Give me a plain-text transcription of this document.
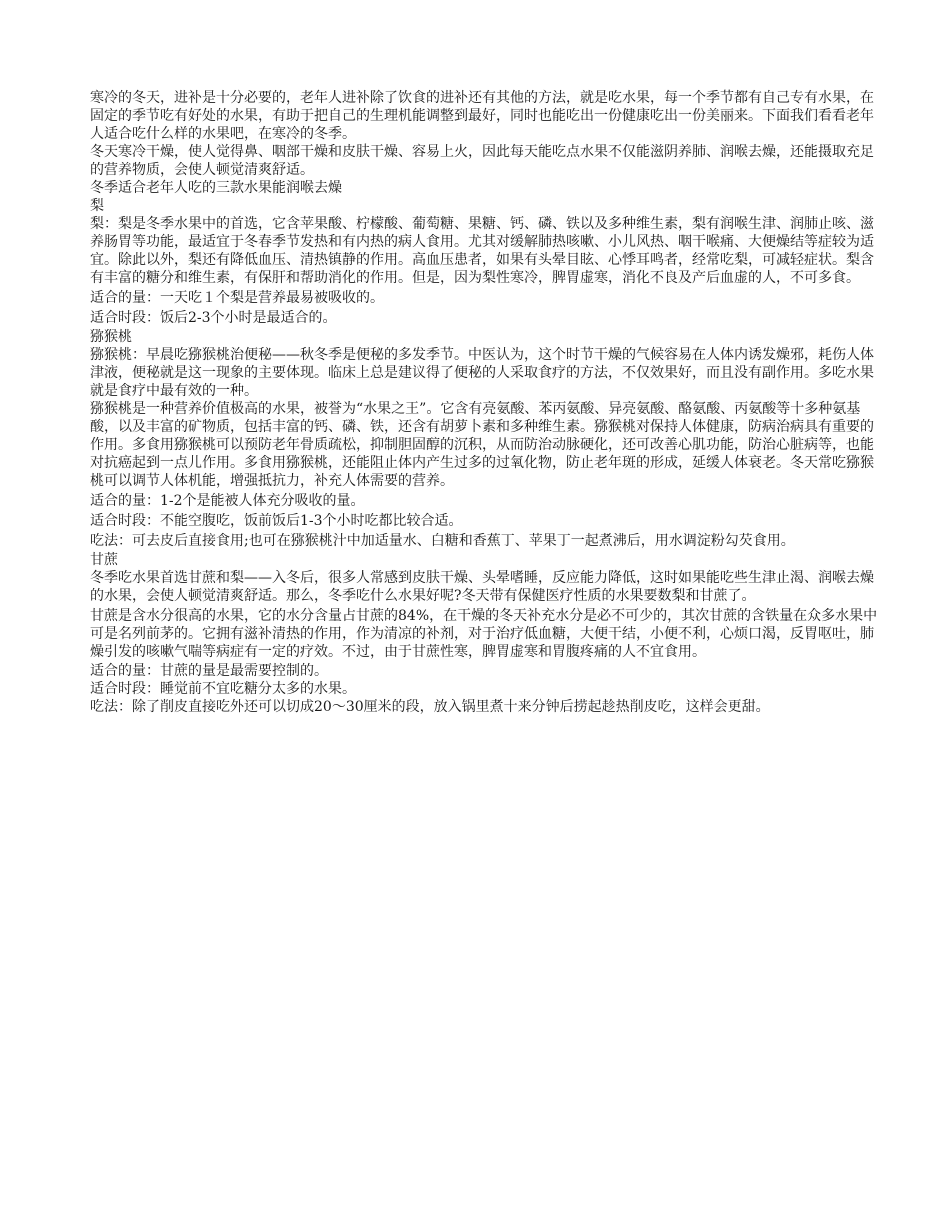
寒冷的冬天，进补是十分必要的，老年人进补除了饮食的进补还有其他的方法，就是吃水果，每一个季节都有自己专有水果，在固定的季节吃有好处的水果，有助于把自己的生理机能调整到最好，同时也能吃出一份健康吃出一份美丽来。下面我们看看老年人适合吃什么样的水果吧，在寒冷的冬季。

冬天寒冷干燥，使人觉得鼻、咽部干燥和皮肤干燥、容易上火，因此每天能吃点水果不仅能滋阴养肺、润喉去燥，还能摄取充足的营养物质，会使人顿觉清爽舒适。

冬季适合老年人吃的三款水果能润喉去燥
梨

梨：梨是冬季水果中的首选，它含苹果酸、柠檬酸、葡萄糖、果糖、钙、磷、铁以及多种维生素，梨有润喉生津、润肺止咳、滋养肠胃等功能，最适宜于冬春季节发热和有内热的病人食用。尤其对缓解肺热咳嗽、小儿风热、咽干喉痛、大便燥结等症较为适宜。除此以外，梨还有降低血压、清热镇静的作用。高血压患者，如果有头晕目眩、心悸耳鸣者，经常吃梨，可减轻症状。梨含有丰富的糖分和维生素，有保肝和帮助消化的作用。但是，因为梨性寒冷，脾胃虚寒，消化不良及产后血虚的人，不可多食。

适合的量：一天吃１个梨是营养最易被吸收的。

适合时段：饭后2-3个小时是最适合的。

猕猴桃

猕猴桃：早晨吃猕猴桃治便秘——秋冬季是便秘的多发季节。中医认为，这个时节干燥的气候容易在人体内诱发燥邪，耗伤人体津液，便秘就是这一现象的主要体现。临床上总是建议得了便秘的人采取食疗的方法，不仅效果好，而且没有副作用。多吃水果就是食疗中最有效的一种。

猕猴桃是一种营养价值极高的水果，被誉为“水果之王”。它含有亮氨酸、苯丙氨酸、异亮氨酸、酪氨酸、丙氨酸等十多种氨基酸，以及丰富的矿物质，包括丰富的钙、磷、铁，还含有胡萝卜素和多种维生素。猕猴桃对保持人体健康，防病治病具有重要的作用。多食用猕猴桃可以预防老年骨质疏松，抑制胆固醇的沉积，从而防治动脉硬化，还可改善心肌功能，防治心脏病等，也能对抗癌起到一点儿作用。多食用猕猴桃，还能阻止体内产生过多的过氧化物，防止老年斑的形成，延缓人体衰老。冬天常吃猕猴桃可以调节人体机能，增强抵抗力，补充人体需要的营养。

适合的量：1-2个是能被人体充分吸收的量。

适合时段：不能空腹吃，饭前饭后1-3个小时吃都比较合适。

吃法：可去皮后直接食用;也可在猕猴桃汁中加适量水、白糖和香蕉丁、苹果丁一起煮沸后，用水调淀粉勾芡食用。

甘蔗

冬季吃水果首选甘蔗和梨——入冬后，很多人常感到皮肤干燥、头晕嗜睡，反应能力降低，这时如果能吃些生津止渴、润喉去燥的水果，会使人顿觉清爽舒适。那么，冬季吃什么水果好呢?冬天带有保健医疗性质的水果要数梨和甘蔗了。

甘蔗是含水分很高的水果，它的水分含量占甘蔗的84%，在干燥的冬天补充水分是必不可少的，其次甘蔗的含铁量在众多水果中可是名列前茅的。它拥有滋补清热的作用，作为清凉的补剂，对于治疗低血糖，大便干结，小便不利，心烦口渴，反胃呕吐，肺燥引发的咳嗽气喘等病症有一定的疗效。不过，由于甘蔗性寒，脾胃虚寒和胃腹疼痛的人不宜食用。

适合的量：甘蔗的量是最需要控制的。

适合时段：睡觉前不宜吃糖分太多的水果。

吃法：除了削皮直接吃外还可以切成20～30厘米的段，放入锅里煮十来分钟后捞起趁热削皮吃，这样会更甜。
